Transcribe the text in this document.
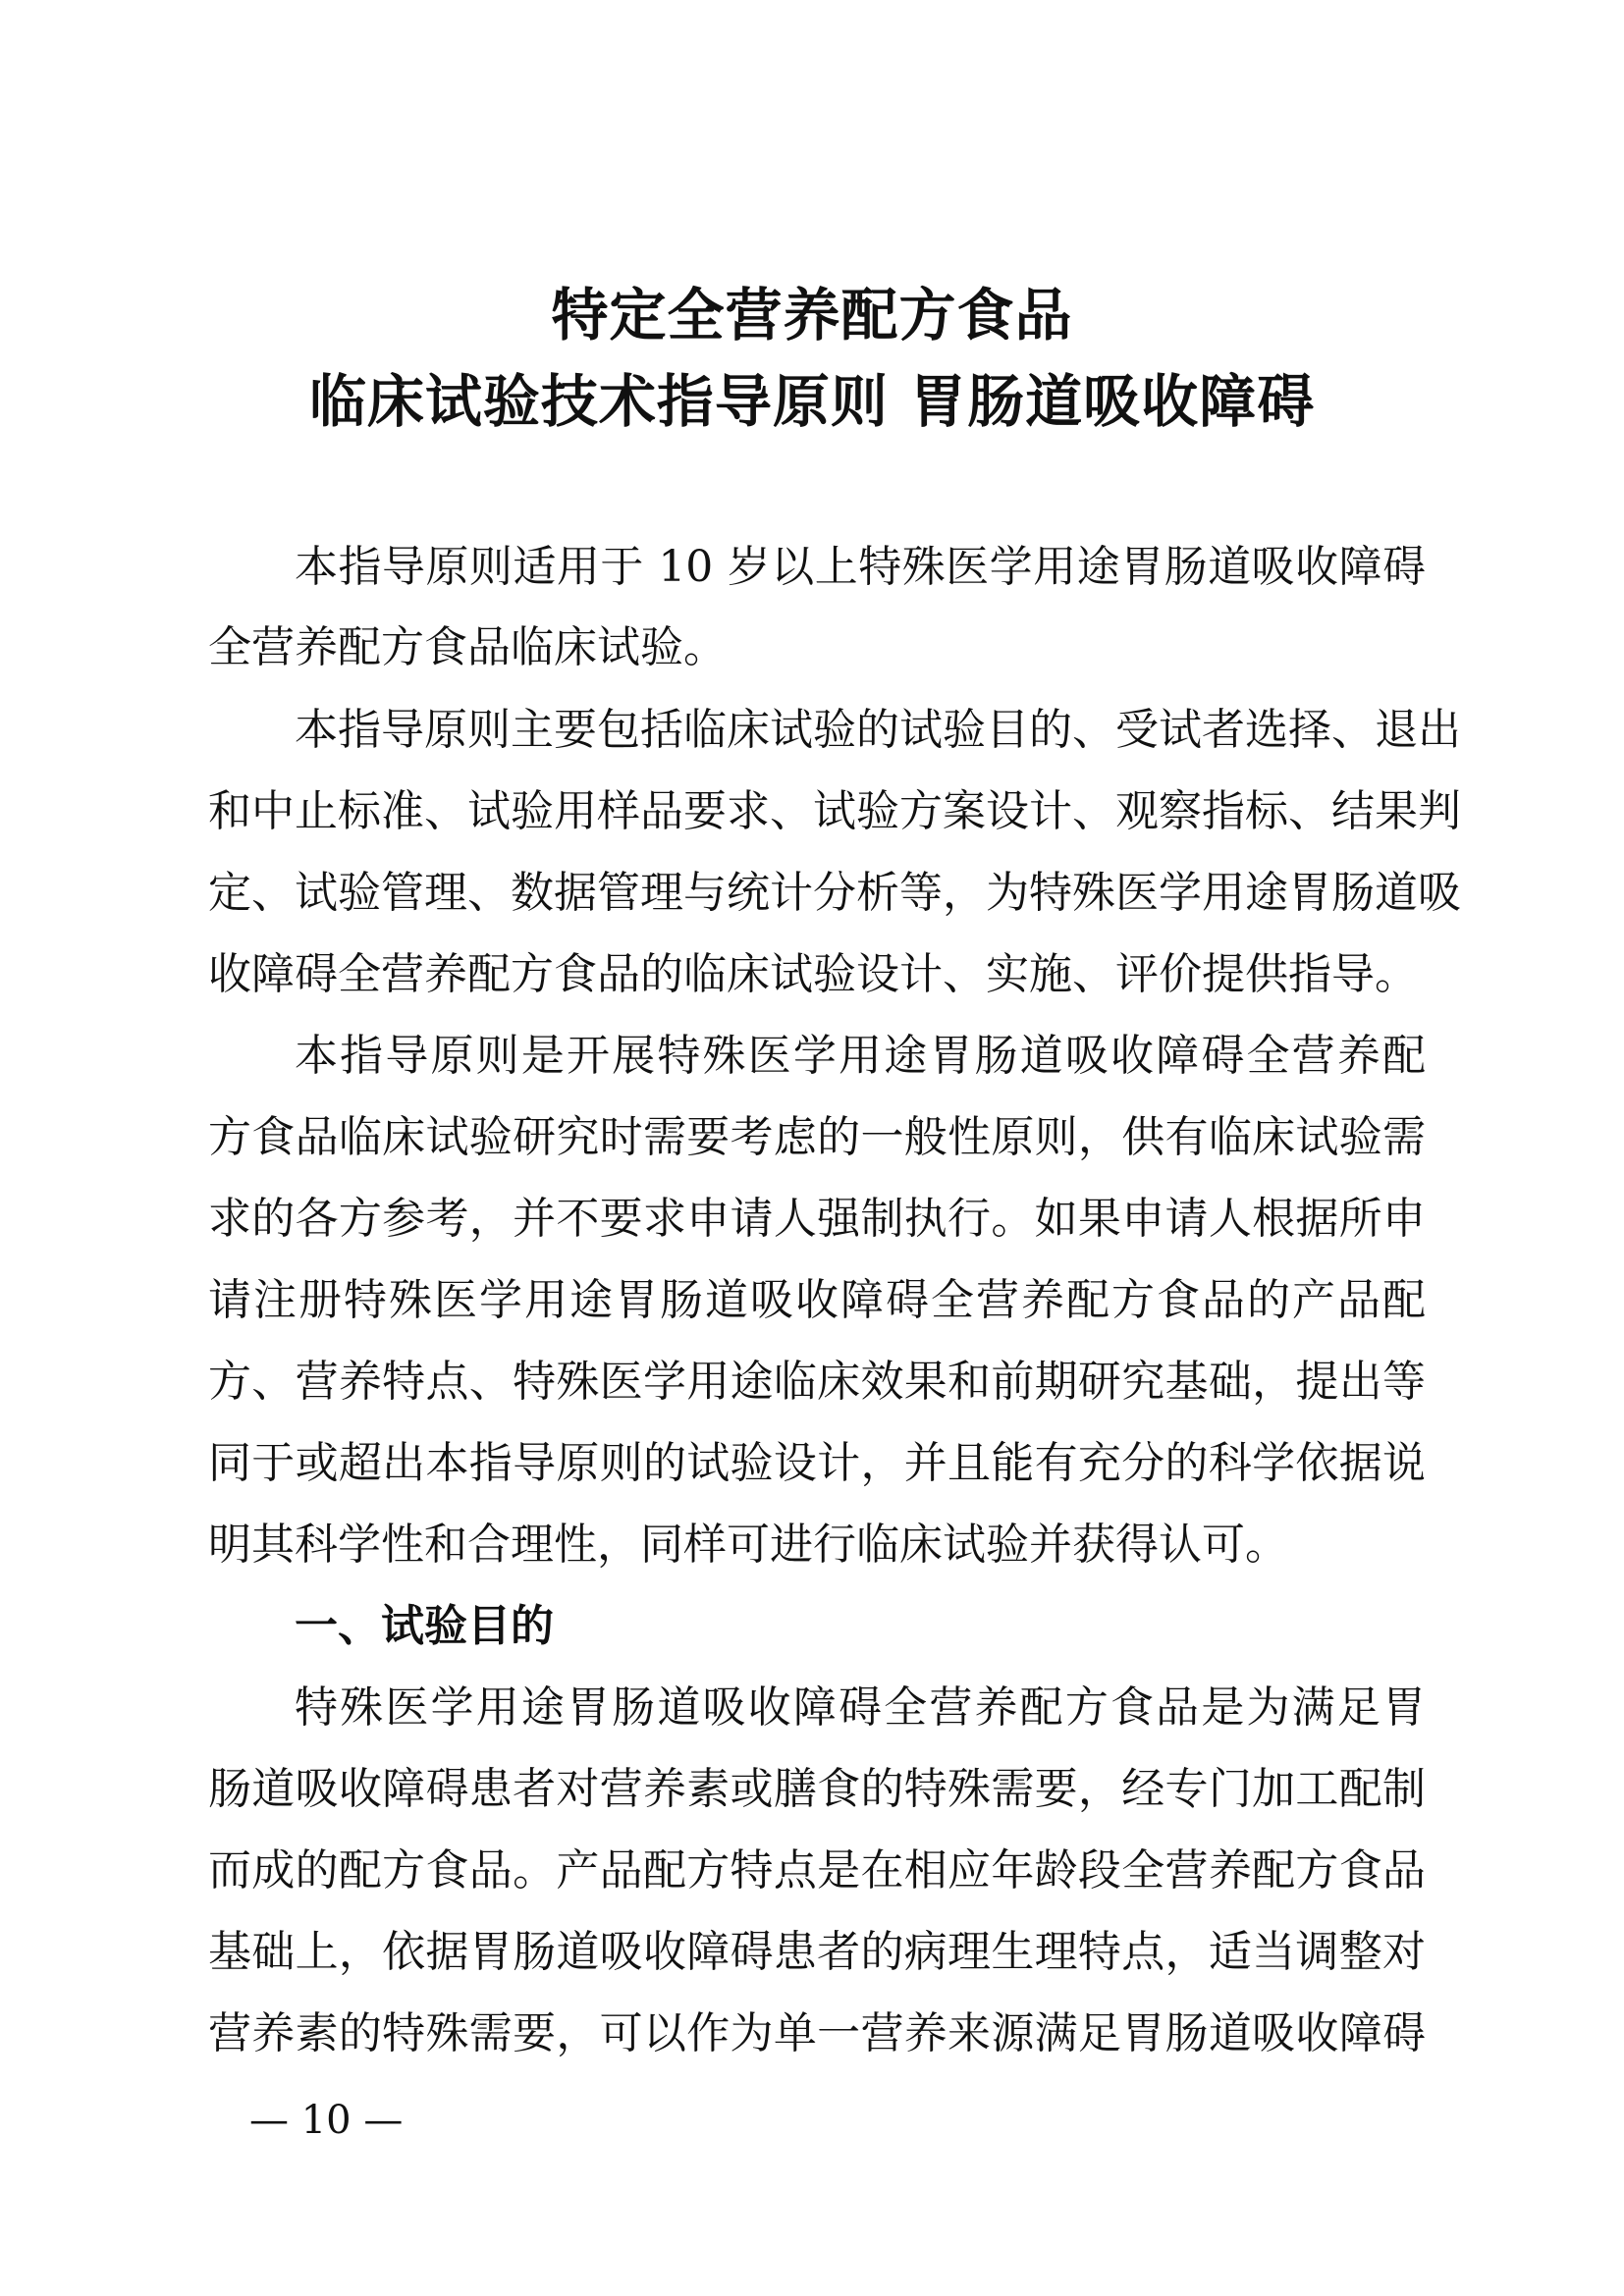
特定全营养配方食品
临床试验技术指导原则 胃肠道吸收障碍
本指导原则适用于 10 岁以上特殊医学用途胃肠道吸收障碍
全营养配方食品临床试验。
本指导原则主要包括临床试验的试验目的、受试者选择、退出
和中止标准、试验用样品要求、试验方案设计、观察指标、结果判
定、试验管理、数据管理与统计分析等，为特殊医学用途胃肠道吸
收障碍全营养配方食品的临床试验设计、实施、评价提供指导。
本指导原则是开展特殊医学用途胃肠道吸收障碍全营养配
方食品临床试验研究时需要考虑的一般性原则，供有临床试验需
求的各方参考，并不要求申请人强制执行。如果申请人根据所申
请注册特殊医学用途胃肠道吸收障碍全营养配方食品的产品配
方、营养特点、特殊医学用途临床效果和前期研究基础，提出等
同于或超出本指导原则的试验设计，并且能有充分的科学依据说
明其科学性和合理性，同样可进行临床试验并获得认可。
一、试验目的
特殊医学用途胃肠道吸收障碍全营养配方食品是为满足胃
肠道吸收障碍患者对营养素或膳食的特殊需要，经专门加工配制
而成的配方食品。产品配方特点是在相应年龄段全营养配方食品
基础上，依据胃肠道吸收障碍患者的病理生理特点，适当调整对
营养素的特殊需要，可以作为单一营养来源满足胃肠道吸收障碍
— 10 —
